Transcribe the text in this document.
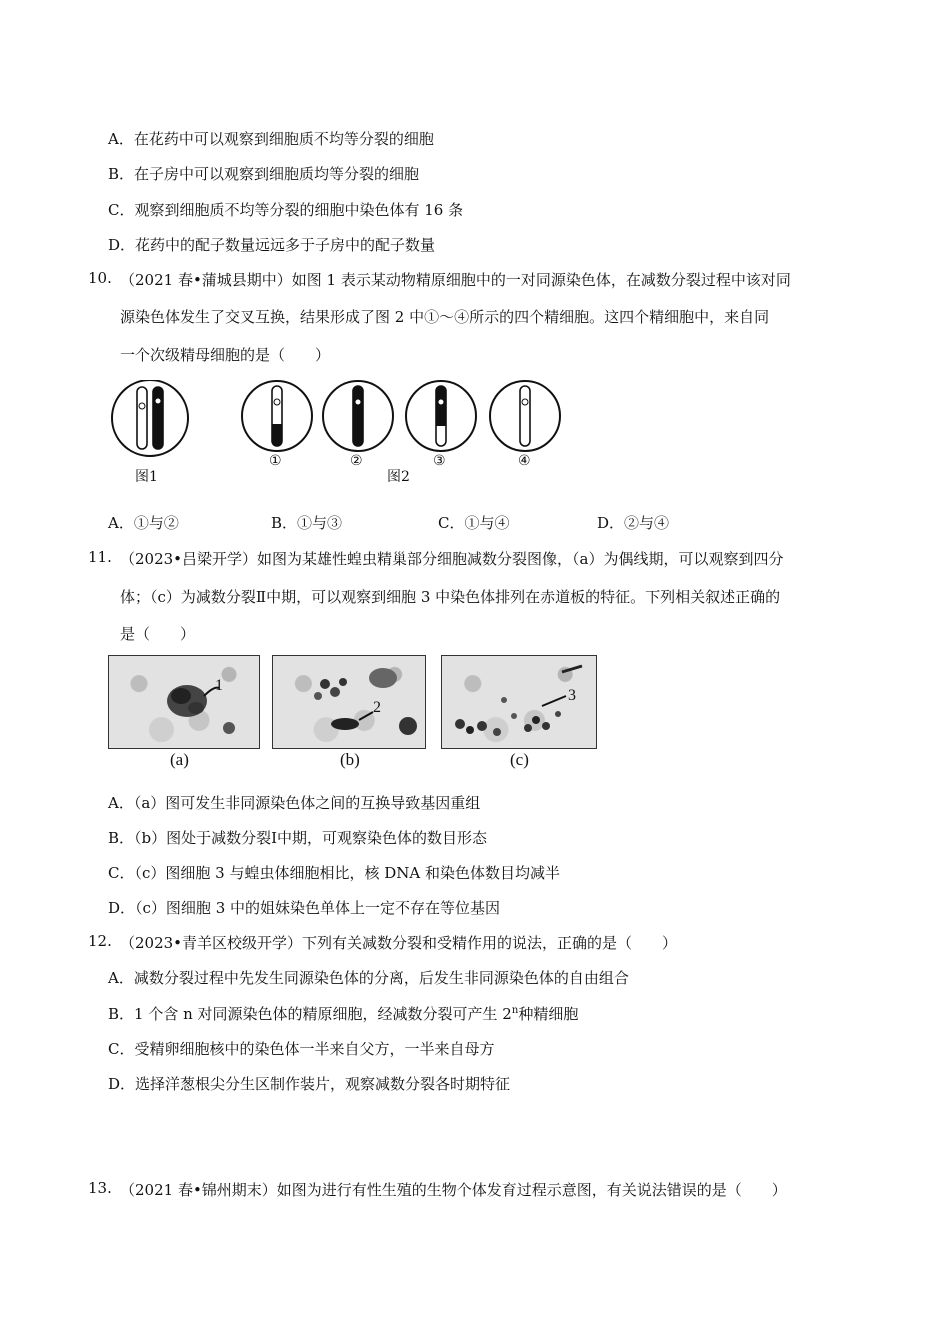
A．在花药中可以观察到细胞质不均等分裂的细胞
B．在子房中可以观察到细胞质均等分裂的细胞
C．观察到细胞质不均等分裂的细胞中染色体有 16 条
D．花药中的配子数量远远多于子房中的配子数量
10. （2021 春•蒲城县期中）如图 1 表示某动物精原细胞中的一对同源染色体，在减数分裂过程中该对同
源染色体发生了交叉互换，结果形成了图 2 中①～④所示的四个精细胞。这四个精细胞中，来自同
一个次级精母细胞的是（　　）
图1
①	②	③	④
图2
A．①与②	B．①与③	C．①与④	D．②与④
11. （2023•吕梁开学）如图为某雄性蝗虫精巢部分细胞减数分裂图像，（a）为偶线期，可以观察到四分
体；（c）为减数分裂Ⅱ中期，可以观察到细胞 3 中染色体排列在赤道板的特征。下列相关叙述正确的
是（　　）
1
2
3
(a)	(b)	(c)
A．（a）图可发生非同源染色体之间的互换导致基因重组
B．（b）图处于减数分裂Ⅰ中期，可观察染色体的数目形态
C．（c）图细胞 3 与蝗虫体细胞相比，核 DNA 和染色体数目均减半
D．（c）图细胞 3 中的姐妹染色单体上一定不存在等位基因
12. （2023•青羊区校级开学）下列有关减数分裂和受精作用的说法，正确的是（　　）
A．减数分裂过程中先发生同源染色体的分离，后发生非同源染色体的自由组合
B．1 个含 n 对同源染色体的精原细胞，经减数分裂可产生 2$^n$种精细胞
C．受精卵细胞核中的染色体一半来自父方，一半来自母方
D．选择洋葱根尖分生区制作装片，观察减数分裂各时期特征
13. （2021 春•锦州期末）如图为进行有性生殖的生物个体发育过程示意图，有关说法错误的是（　　）
